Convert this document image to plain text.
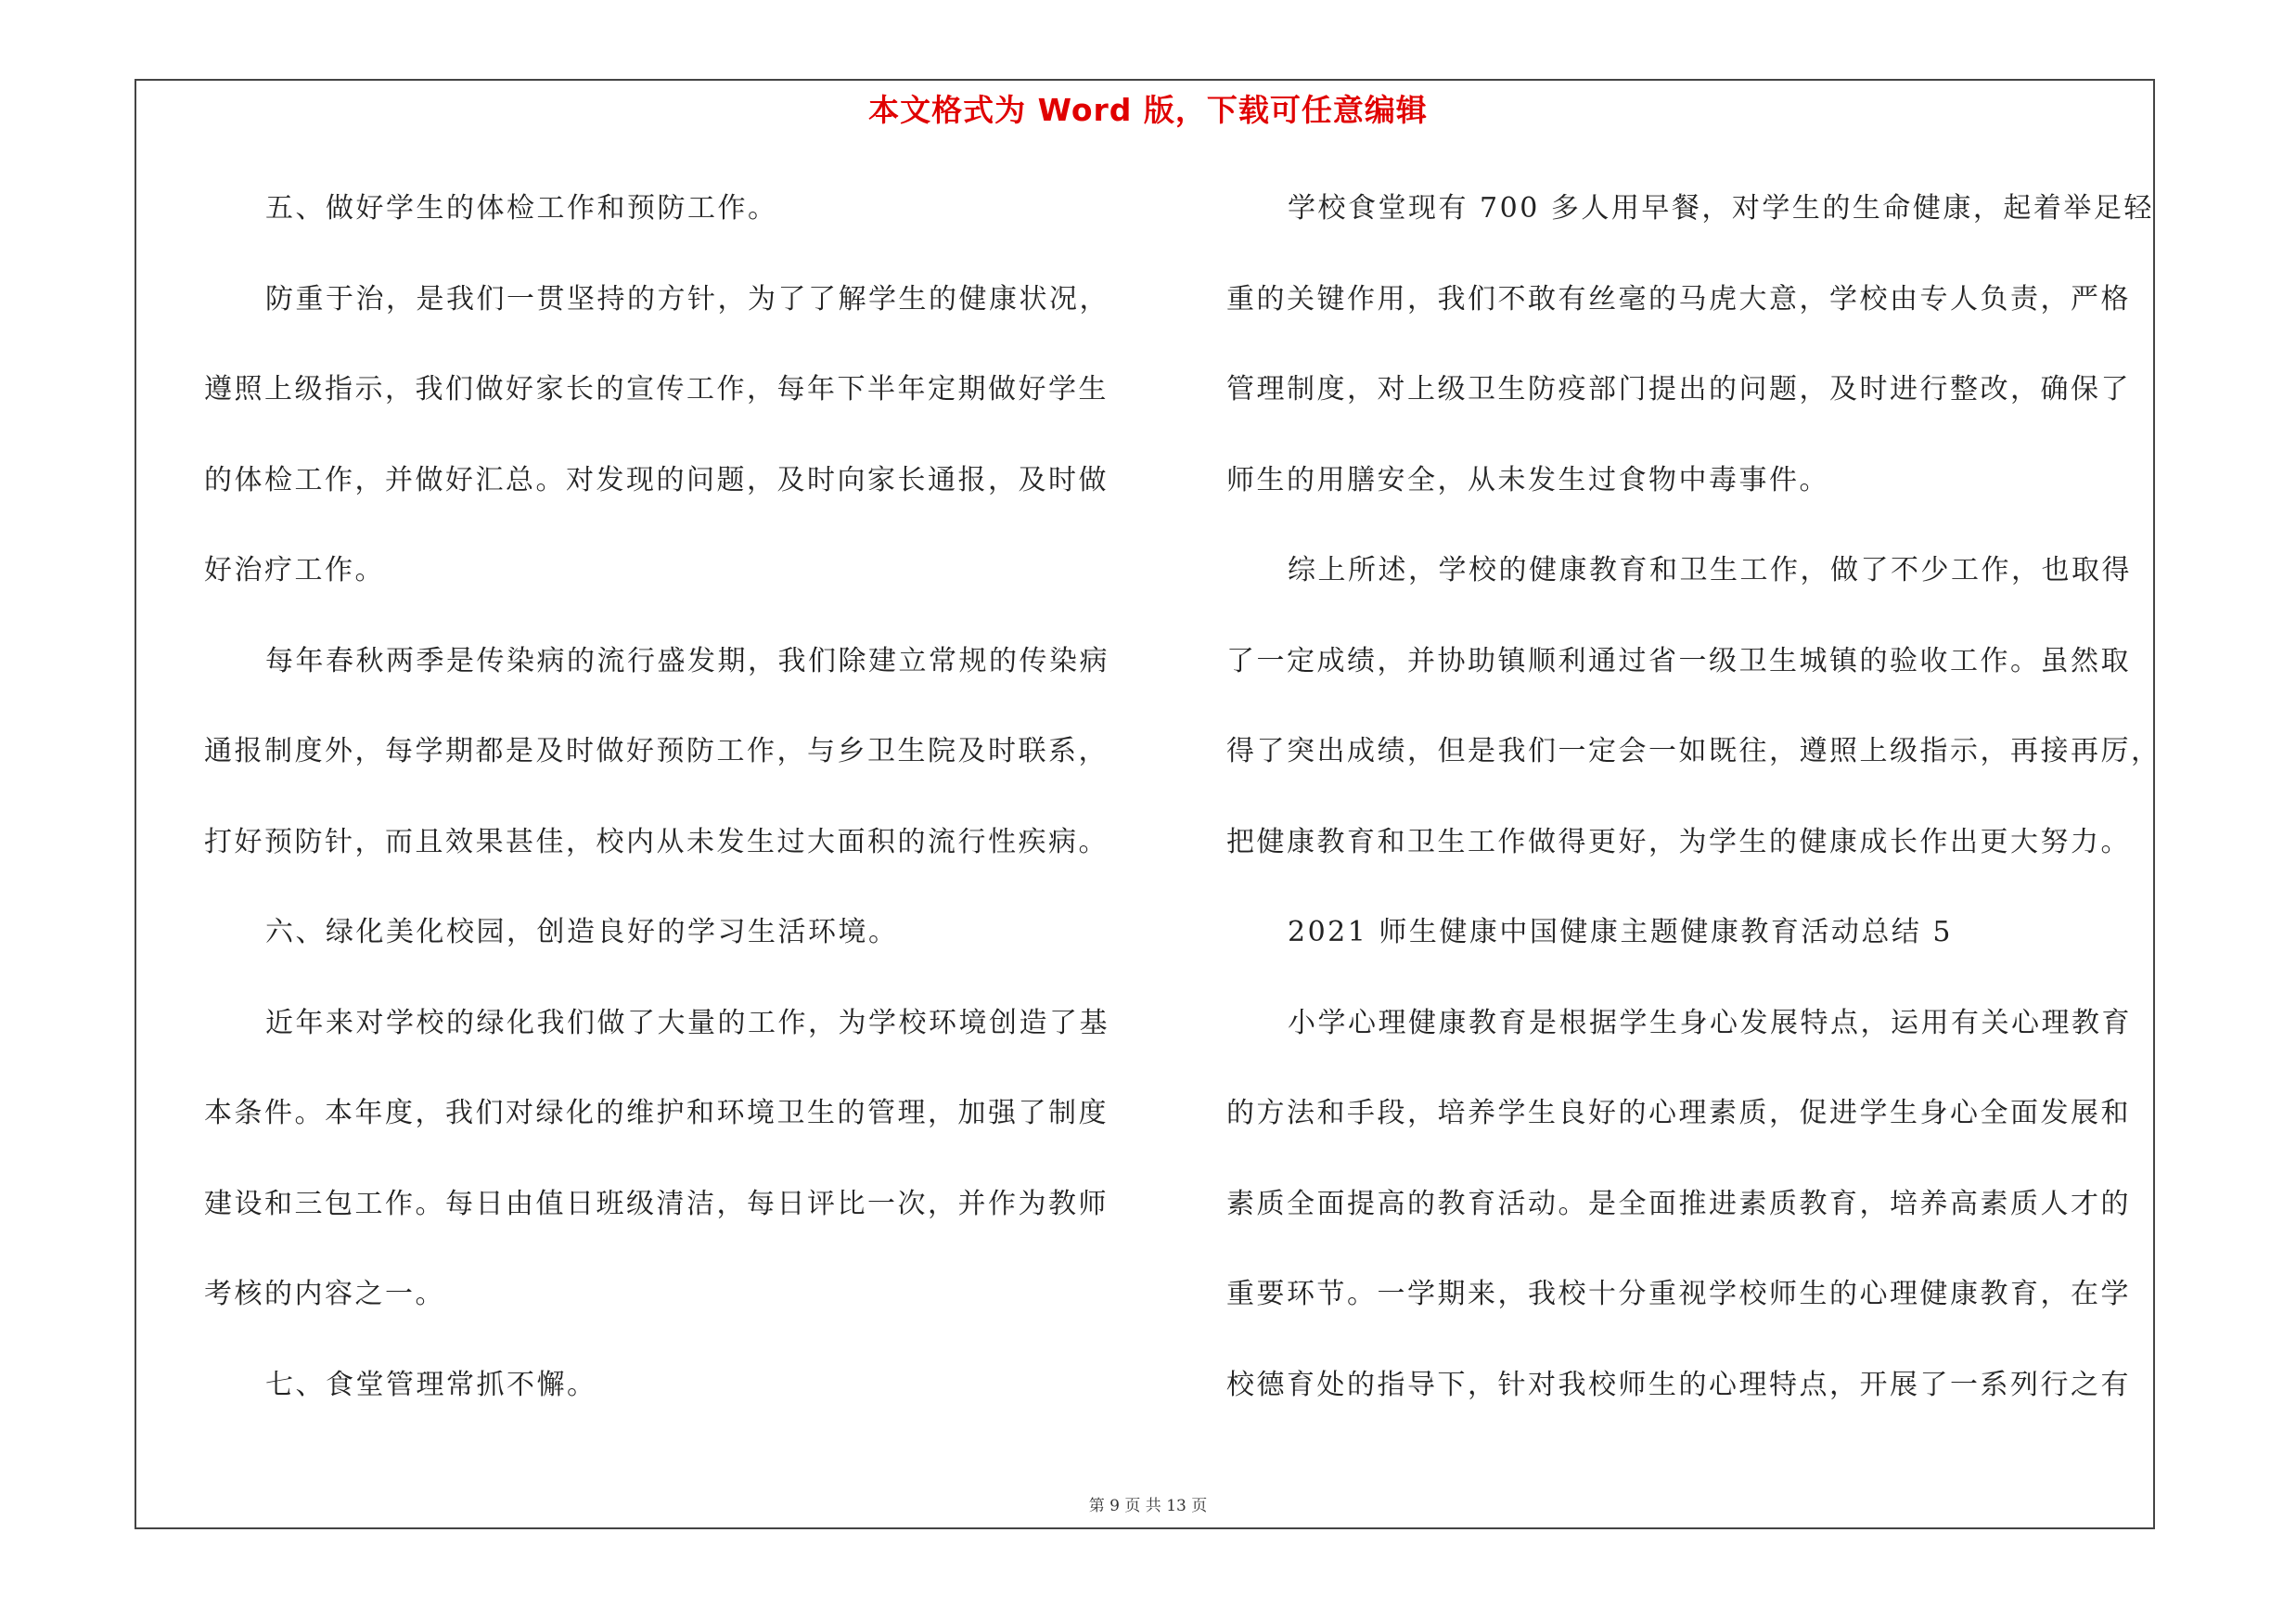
本文格式为 Word 版，下载可任意编辑
五、做好学生的体检工作和预防工作。
防重于治，是我们一贯坚持的方针，为了了解学生的健康状况，
遵照上级指示，我们做好家长的宣传工作，每年下半年定期做好学生
的体检工作，并做好汇总。对发现的问题，及时向家长通报，及时做
好治疗工作。
每年春秋两季是传染病的流行盛发期，我们除建立常规的传染病
通报制度外，每学期都是及时做好预防工作，与乡卫生院及时联系，
打好预防针，而且效果甚佳，校内从未发生过大面积的流行性疾病。
六、绿化美化校园，创造良好的学习生活环境。
近年来对学校的绿化我们做了大量的工作，为学校环境创造了基
本条件。本年度，我们对绿化的维护和环境卫生的管理，加强了制度
建设和三包工作。每日由值日班级清洁，每日评比一次，并作为教师
考核的内容之一。
七、食堂管理常抓不懈。
学校食堂现有 700 多人用早餐，对学生的生命健康，起着举足轻
重的关键作用，我们不敢有丝毫的马虎大意，学校由专人负责，严格
管理制度，对上级卫生防疫部门提出的问题，及时进行整改，确保了
师生的用膳安全，从未发生过食物中毒事件。
综上所述，学校的健康教育和卫生工作，做了不少工作，也取得
了一定成绩，并协助镇顺利通过省一级卫生城镇的验收工作。虽然取
得了突出成绩，但是我们一定会一如既往，遵照上级指示，再接再厉，
把健康教育和卫生工作做得更好，为学生的健康成长作出更大努力。
2021 师生健康中国健康主题健康教育活动总结 5
小学心理健康教育是根据学生身心发展特点，运用有关心理教育
的方法和手段，培养学生良好的心理素质，促进学生身心全面发展和
素质全面提高的教育活动。是全面推进素质教育，培养高素质人才的
重要环节。一学期来，我校十分重视学校师生的心理健康教育，在学
校德育处的指导下，针对我校师生的心理特点，开展了一系列行之有
第 9 页 共 13 页
